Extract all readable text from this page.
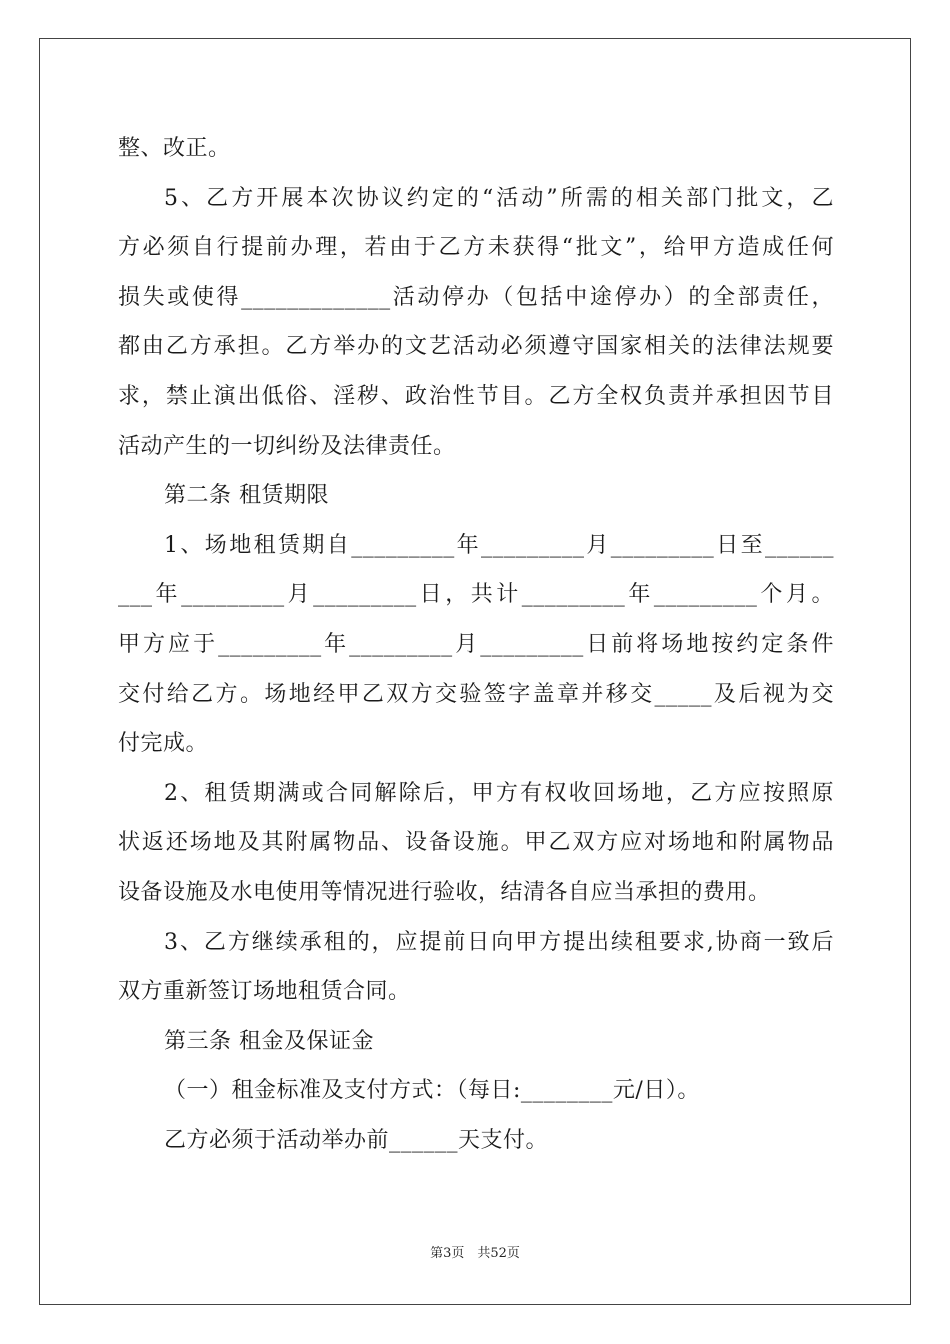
整、改正。
5、乙方开展本次协议约定的“活动”所需的相关部门批文，乙
方必须自行提前办理，若由于乙方未获得“批文”，给甲方造成任何
损失或使得_____________活动停办（包括中途停办）的全部责任，
都由乙方承担。乙方举办的文艺活动必须遵守国家相关的法律法规要
求，禁止演出低俗、淫秽、政治性节目。乙方全权负责并承担因节目
活动产生的一切纠纷及法律责任。
第二条 租赁期限
1、场地租赁期自_________年_________月_________日至______
___年_________月_________日，共计_________年_________个月。
甲方应于_________年_________月_________日前将场地按约定条件
交付给乙方。场地经甲乙双方交验签字盖章并移交_____及后视为交
付完成。
2、租赁期满或合同解除后，甲方有权收回场地，乙方应按照原
状返还场地及其附属物品、设备设施。甲乙双方应对场地和附属物品
设备设施及水电使用等情况进行验收，结清各自应当承担的费用。
3、乙方继续承租的，应提前日向甲方提出续租要求,协商一致后
双方重新签订场地租赁合同。
第三条 租金及保证金
（一）租金标准及支付方式：（每日:________元/日）。
乙方必须于活动举办前______天支付。
第3页　共52页
